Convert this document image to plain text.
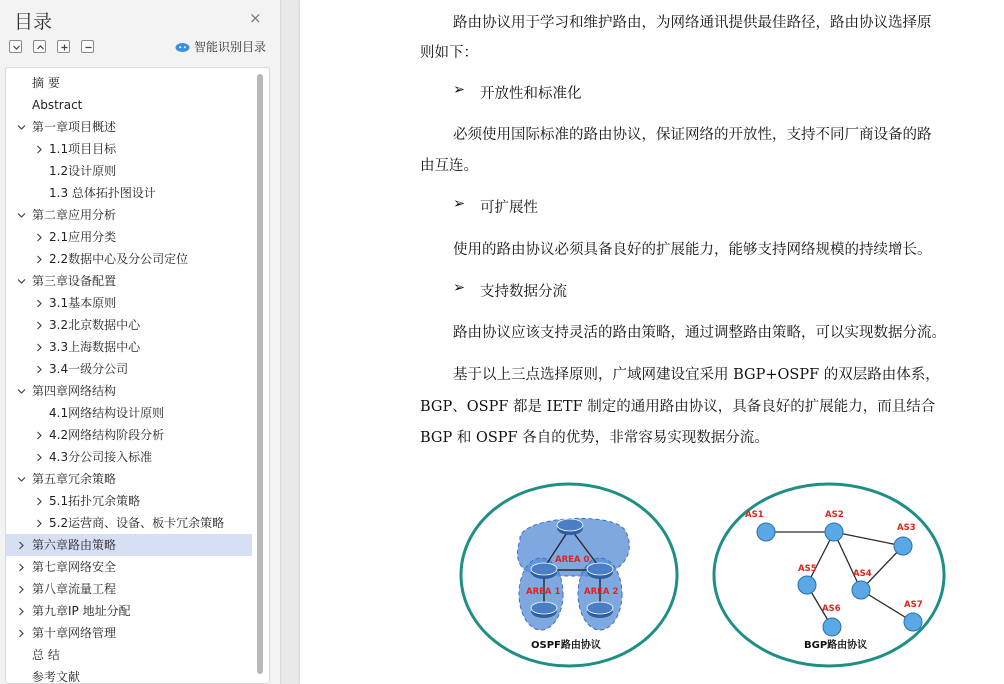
目录	×
智能识别目录
摘 要
Abstract
第一章项目概述
1.1项目目标
1.2设计原则
1.3 总体拓扑图设计
第二章应用分析
2.1应用分类
2.2数据中心及分公司定位
第三章设备配置
3.1基本原则
3.2北京数据中心
3.3上海数据中心
3.4一级分公司
第四章网络结构
4.1网络结构设计原则
4.2网络结构阶段分析
4.3分公司接入标准
第五章冗余策略
5.1拓扑冗余策略
5.2运营商、设备、板卡冗余策略
第六章路由策略
第七章网络安全
第八章流量工程
第九章IP 地址分配
第十章网络管理
总 结
参考文献
路由协议用于学习和维护路由，为网络通讯提供最佳路径，路由协议选择原
则如下：
➢ 开放性和标准化
必须使用国际标准的路由协议，保证网络的开放性，支持不同厂商设备的路
由互连。
➢ 可扩展性
使用的路由协议必须具备良好的扩展能力，能够支持网络规模的持续增长。
➢ 支持数据分流
路由协议应该支持灵活的路由策略，通过调整路由策略，可以实现数据分流。
基于以上三点选择原则，广域网建设宜采用 BGP+OSPF 的双层路由体系，
BGP、OSPF 都是 IETF 制定的通用路由协议，具备良好的扩展能力，而且结合
BGP 和 OSPF 各自的优势，非常容易实现数据分流。
AREA 0
AREA 1	AREA 2
OSPF路由协议
AS1	AS2
AS3
AS5	AS4
AS6	AS7
BGP路由协议
